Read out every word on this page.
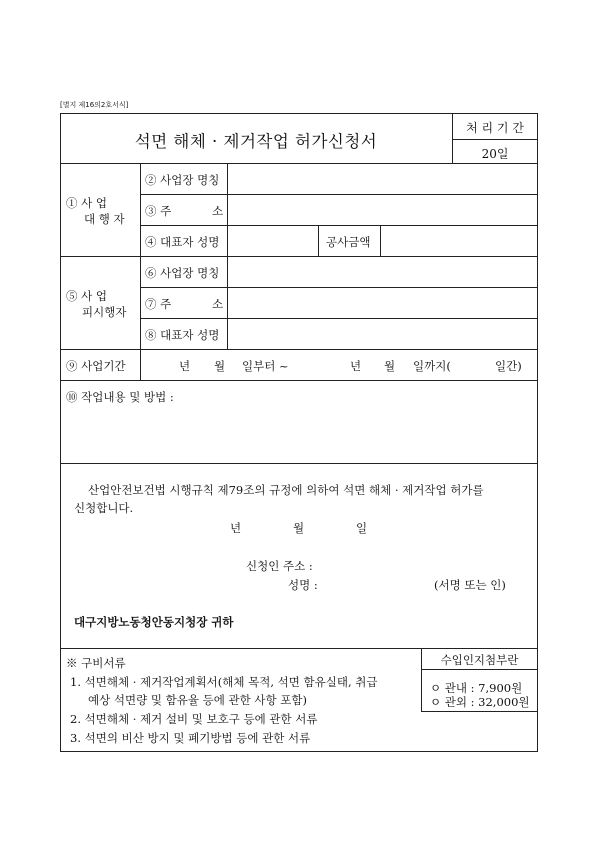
[별지 제16의2호서식]
석면 해체 · 제거작업 허가신청서
처 리 기 간
20일
① 사 업
대 행 자
② 사업장 명칭
③ 주	소
④ 대표자 성명	공사금액
⑤ 사 업
피시행자
⑥ 사업장 명칭
⑦ 주	소
⑧ 대표자 성명
⑨ 사업기간	년 월 일부터 ~	년 월 일까지(	일간)
⑩ 작업내용 및 방법 :
산업안전보건법 시행규칙 제79조의 규정에 의하여 석면 해체 · 제거작업 허가를
신청합니다.
년	월	일
신청인 주소 :
성명 :	(서명 또는 인)
대구지방노동청안동지청장 귀하
※ 구비서류
1. 석면해체 · 제거작업계획서(해체 목적, 석면 함유실태, 취급
예상 석면량 및 함유율 등에 관한 사항 포함)
2. 석면해체 · 제거 설비 및 보호구 등에 관한 서류
3. 석면의 비산 방지 및 폐기방법 등에 관한 서류
수입인지첨부란
ㅇ 관내 : 7,900원
ㅇ 관외 : 32,000원
